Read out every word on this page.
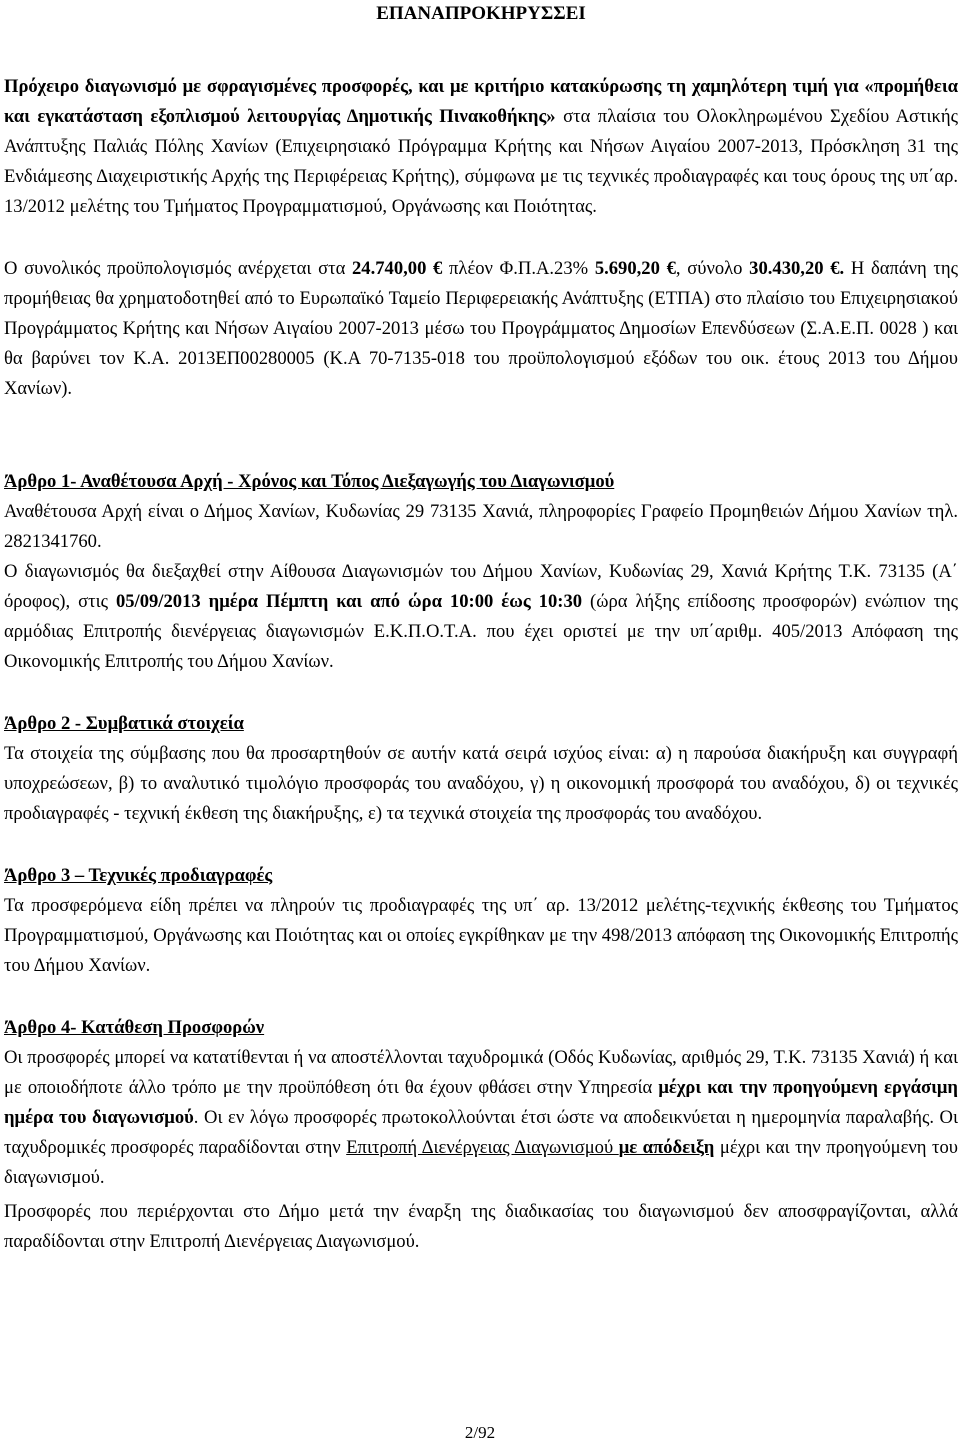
ΕΠΑΝΑΠΡΟΚΗΡΥΣΣΕΙ

Πρόχειρο διαγωνισμό με σφραγισμένες προσφορές, και με κριτήριο κατακύρωσης τη χαμηλότερη τιμή για «προμήθεια και εγκατάσταση εξοπλισμού λειτουργίας Δημοτικής Πινακοθήκης» στα πλαίσια του Ολοκληρωμένου Σχεδίου Αστικής Ανάπτυξης Παλιάς Πόλης Χανίων (Επιχειρησιακό Πρόγραμμα Κρήτης και Νήσων Αιγαίου 2007-2013, Πρόσκληση 31 της Ενδιάμεσης Διαχειριστικής Αρχής της Περιφέρειας Κρήτης), σύμφωνα με τις τεχνικές προδιαγραφές και τους όρους της υπ΄αρ. 13/2012 μελέτης του Τμήματος Προγραμματισμού, Οργάνωσης και Ποιότητας.

Ο συνολικός προϋπολογισμός ανέρχεται στα 24.740,00 € πλέον Φ.Π.Α.23% 5.690,20 €, σύνολο 30.430,20 €. Η δαπάνη της προμήθειας θα χρηματοδοτηθεί από το Ευρωπαϊκό Ταμείο Περιφερειακής Ανάπτυξης (ΕΤΠΑ) στο πλαίσιο του Επιχειρησιακού Προγράμματος Κρήτης και Νήσων Αιγαίου 2007-2013 μέσω του Προγράμματος Δημοσίων Επενδύσεων (Σ.Α.Ε.Π. 0028 ) και θα βαρύνει τον Κ.Α. 2013ΕΠ00280005 (Κ.Α 70-7135-018 του προϋπολογισμού εξόδων του οικ. έτους 2013 του Δήμου Χανίων).

Άρθρο 1- Αναθέτουσα Αρχή - Χρόνος και Τόπος Διεξαγωγής του Διαγωνισμού

Αναθέτουσα Αρχή είναι ο Δήμος Χανίων, Κυδωνίας 29 73135 Χανιά, πληροφορίες Γραφείο Προμηθειών Δήμου Χανίων τηλ. 2821341760.

Ο διαγωνισμός θα διεξαχθεί στην Αίθουσα Διαγωνισμών του Δήμου Χανίων, Κυδωνίας 29, Χανιά Κρήτης Τ.Κ. 73135 (Α΄ όροφος), στις 05/09/2013 ημέρα Πέμπτη και από ώρα 10:00 έως 10:30 (ώρα λήξης επίδοσης προσφορών) ενώπιον της αρμόδιας Επιτροπής διενέργειας διαγωνισμών Ε.Κ.Π.Ο.Τ.Α. που έχει οριστεί με την υπ΄αριθμ. 405/2013 Απόφαση της Οικονομικής Επιτροπής του Δήμου Χανίων.

Άρθρο 2 - Συμβατικά στοιχεία

Τα στοιχεία της σύμβασης που θα προσαρτηθούν σε αυτήν κατά σειρά ισχύος είναι: α) η παρούσα διακήρυξη και συγγραφή υποχρεώσεων, β) το αναλυτικό τιμολόγιο προσφοράς του αναδόχου, γ) η οικονομική προσφορά του αναδόχου, δ) οι τεχνικές προδιαγραφές - τεχνική έκθεση της διακήρυξης, ε) τα τεχνικά στοιχεία της προσφοράς του αναδόχου.

Άρθρο 3 – Τεχνικές προδιαγραφές

Τα προσφερόμενα είδη πρέπει να πληρούν τις προδιαγραφές της υπ΄ αρ. 13/2012 μελέτης-τεχνικής έκθεσης του Τμήματος Προγραμματισμού, Οργάνωσης και Ποιότητας και οι οποίες εγκρίθηκαν με την 498/2013 απόφαση της Οικονομικής Επιτροπής του Δήμου Χανίων.

Άρθρο 4- Κατάθεση Προσφορών

Οι προσφορές μπορεί να κατατίθενται ή να αποστέλλονται ταχυδρομικά (Οδός Κυδωνίας, αριθμός 29, Τ.Κ. 73135 Χανιά) ή και με οποιοδήποτε άλλο τρόπο με την προϋπόθεση ότι θα έχουν φθάσει στην Υπηρεσία μέχρι και την προηγούμενη εργάσιμη ημέρα του διαγωνισμού. Οι εν λόγω προσφορές πρωτοκολλούνται έτσι ώστε να αποδεικνύεται η ημερομηνία παραλαβής. Οι ταχυδρομικές προσφορές παραδίδονται στην Επιτροπή Διενέργειας Διαγωνισμού με απόδειξη μέχρι και την προηγούμενη του διαγωνισμού.

Προσφορές που περιέρχονται στο Δήμο μετά την έναρξη της διαδικασίας του διαγωνισμού δεν αποσφραγίζονται, αλλά παραδίδονται στην Επιτροπή Διενέργειας Διαγωνισμού.

2/92
